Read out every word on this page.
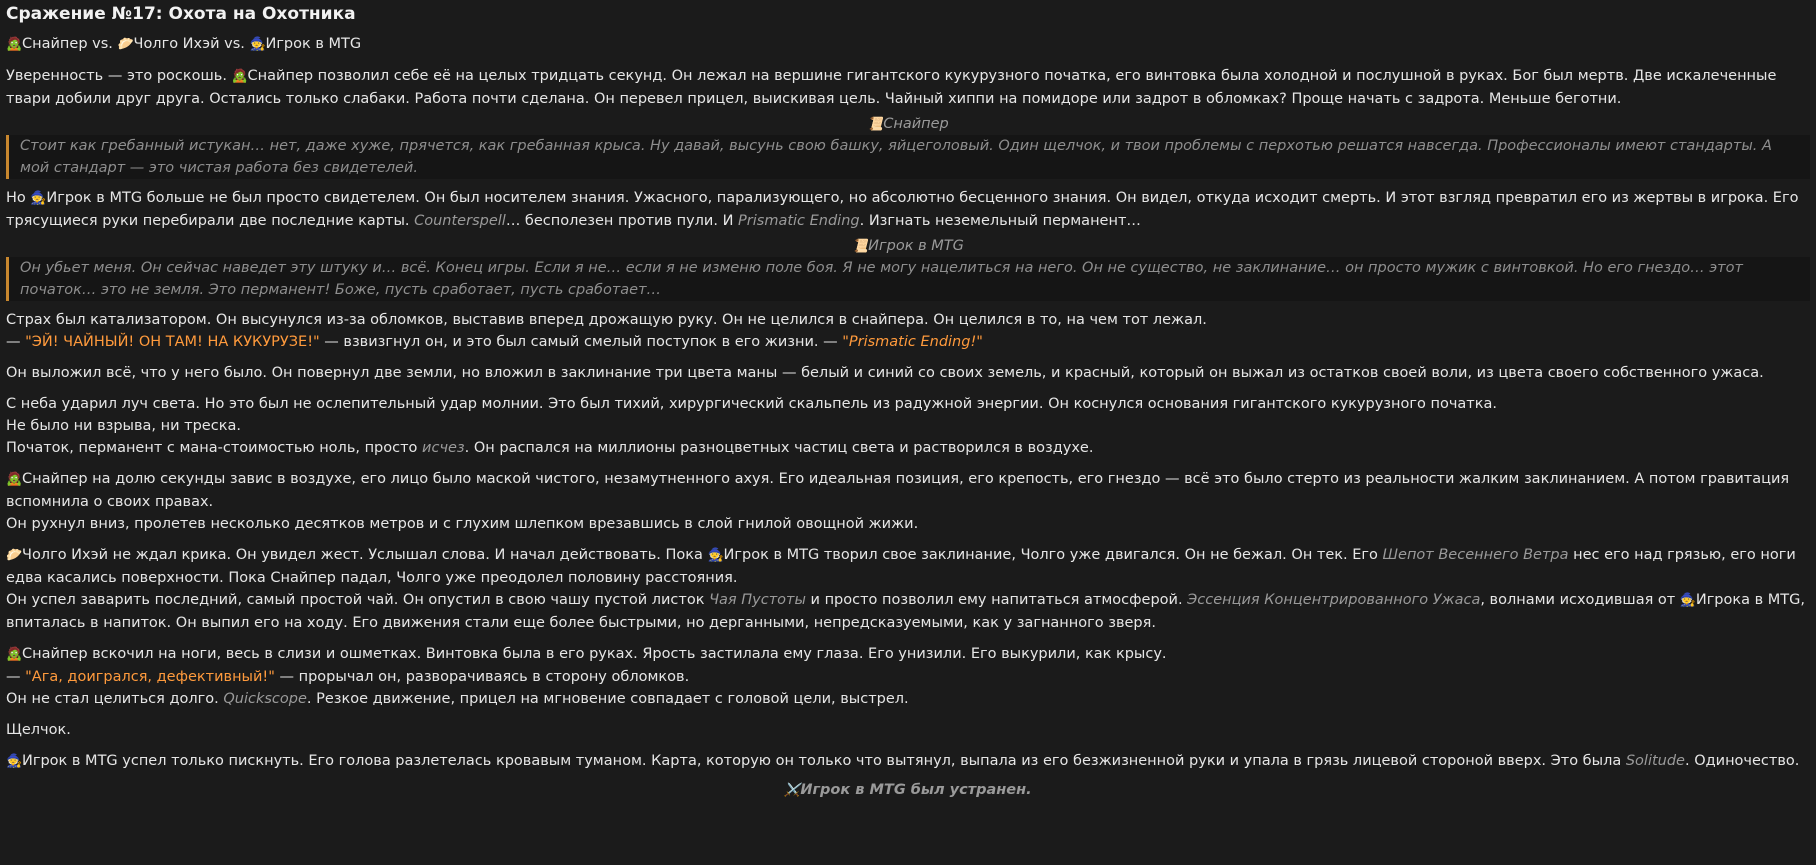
Сражение №17: Охота на Охотника

🧟Снайпер vs. 🥟Чолго Ихэй vs. 🧙Игрок в MTG

Уверенность — это роскошь. 🧟Снайпер позволил себе её на целых тридцать секунд. Он лежал на вершине гигантского кукурузного початка, его винтовка была холодной и послушной в руках. Бог был мертв. Две искалеченные твари добили друг друга. Остались только слабаки. Работа почти сделана. Он перевел прицел, выискивая цель. Чайный хиппи на помидоре или задрот в обломках? Проще начать с задрота. Меньше беготни.

📜Снайпер
Стоит как гребанный истукан… нет, даже хуже, прячется, как гребанная крыса. Ну давай, высунь свою башку, яйцеголовый. Один щелчок, и твои проблемы с перхотью решатся навсегда. Профессионалы имеют стандарты. А мой стандарт — это чистая работа без свидетелей.

Но 🧙Игрок в MTG больше не был просто свидетелем. Он был носителем знания. Ужасного, парализующего, но абсолютно бесценного знания. Он видел, откуда исходит смерть. И этот взгляд превратил его из жертвы в игрока. Его трясущиеся руки перебирали две последние карты. Counterspell… бесполезен против пули. И Prismatic Ending. Изгнать неземельный перманент…

📜Игрок в MTG
Он убьет меня. Он сейчас наведет эту штуку и… всё. Конец игры. Если я не… если я не изменю поле боя. Я не могу нацелиться на него. Он не существо, не заклинание… он просто мужик с винтовкой. Но его гнездо… этот початок… это не земля. Это перманент! Боже, пусть сработает, пусть сработает…

Страх был катализатором. Он высунулся из-за обломков, выставив вперед дрожащую руку. Он не целился в снайпера. Он целился в то, на чем тот лежал.

— "ЭЙ! ЧАЙНЫЙ! ОН ТАМ! НА КУКУРУЗЕ!" — взвизгнул он, и это был самый смелый поступок в его жизни. — "Prismatic Ending!"

Он выложил всё, что у него было. Он повернул две земли, но вложил в заклинание три цвета маны — белый и синий со своих земель, и красный, который он выжал из остатков своей воли, из цвета своего собственного ужаса.

С неба ударил луч света. Но это был не ослепительный удар молнии. Это был тихий, хирургический скальпель из радужной энергии. Он коснулся основания гигантского кукурузного початка.

Не было ни взрыва, ни треска.

Початок, перманент с мана-стоимостью ноль, просто исчез. Он распался на миллионы разноцветных частиц света и растворился в воздухе.

🧟Снайпер на долю секунды завис в воздухе, его лицо было маской чистого, незамутненного ахуя. Его идеальная позиция, его крепость, его гнездо — всё это было стерто из реальности жалким заклинанием. А потом гравитация вспомнила о своих правах.

Он рухнул вниз, пролетев несколько десятков метров и с глухим шлепком врезавшись в слой гнилой овощной жижи.

🥟Чолго Ихэй не ждал крика. Он увидел жест. Услышал слова. И начал действовать. Пока 🧙Игрок в MTG творил свое заклинание, Чолго уже двигался. Он не бежал. Он тек. Его Шепот Весеннего Ветра нес его над грязью, его ноги едва касались поверхности. Пока Снайпер падал, Чолго уже преодолел половину расстояния.

Он успел заварить последний, самый простой чай. Он опустил в свою чашу пустой листок Чая Пустоты и просто позволил ему напитаться атмосферой. Эссенция Концентрированного Ужаса, волнами исходившая от 🧙Игрока в MTG, впиталась в напиток. Он выпил его на ходу. Его движения стали еще более быстрыми, но дерганными, непредсказуемыми, как у загнанного зверя.

🧟Снайпер вскочил на ноги, весь в слизи и ошметках. Винтовка была в его руках. Ярость застилала ему глаза. Его унизили. Его выкурили, как крысу.

— "Ага, доигрался, дефективный!" — прорычал он, разворачиваясь в сторону обломков.

Он не стал целиться долго. Quickscope. Резкое движение, прицел на мгновение совпадает с головой цели, выстрел.

Щелчок.

🧙Игрок в MTG успел только пискнуть. Его голова разлетелась кровавым туманом. Карта, которую он только что вытянул, выпала из его безжизненной руки и упала в грязь лицевой стороной вверх. Это была Solitude. Одиночество.

⚔️Игрок в MTG был устранен.
